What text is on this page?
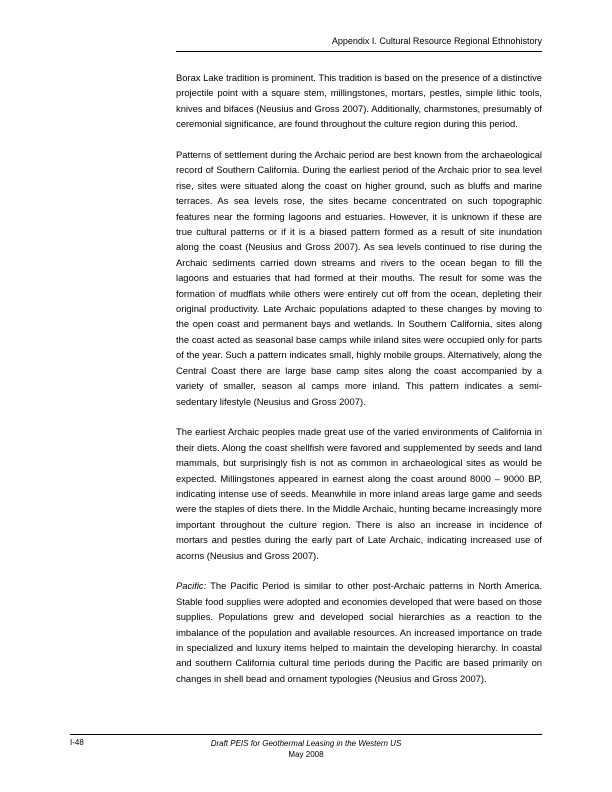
Appendix I. Cultural Resource Regional Ethnohistory

Borax Lake tradition is prominent. This tradition is based on the presence of a distinctive projectile point with a square stem, millingstones, mortars, pestles, simple lithic tools, knives and bifaces (Neusius and Gross 2007). Additionally, charmstones, presumably of ceremonial significance, are found throughout the culture region during this period.

Patterns of settlement during the Archaic period are best known from the archaeological record of Southern California. During the earliest period of the Archaic prior to sea level rise, sites were situated along the coast on higher ground, such as bluffs and marine terraces. As sea levels rose, the sites became concentrated on such topographic features near the forming lagoons and estuaries. However, it is unknown if these are true cultural patterns or if it is a biased pattern formed as a result of site inundation along the coast (Neusius and Gross 2007). As sea levels continued to rise during the Archaic sediments carried down streams and rivers to the ocean began to fill the lagoons and estuaries that had formed at their mouths. The result for some was the formation of mudflats while others were entirely cut off from the ocean, depleting their original productivity. Late Archaic populations adapted to these changes by moving to the open coast and permanent bays and wetlands. In Southern California, sites along the coast acted as seasonal base camps while inland sites were occupied only for parts of the year. Such a pattern indicates small, highly mobile groups. Alternatively, along the Central Coast there are large base camp sites along the coast accompanied by a variety of smaller, season al camps more inland. This pattern indicates a semi-sedentary lifestyle (Neusius and Gross 2007).

The earliest Archaic peoples made great use of the varied environments of California in their diets. Along the coast shellfish were favored and supplemented by seeds and land mammals, but surprisingly fish is not as common in archaeological sites as would be expected. Millingstones appeared in earnest along the coast around 8000 – 9000 BP, indicating intense use of seeds. Meanwhile in more inland areas large game and seeds were the staples of diets there. In the Middle Archaic, hunting became increasingly more important throughout the culture region. There is also an increase in incidence of mortars and pestles during the early part of Late Archaic, indicating increased use of acorns (Neusius and Gross 2007).

Pacific: The Pacific Period is similar to other post-Archaic patterns in North America. Stable food supplies were adopted and economies developed that were based on those supplies. Populations grew and developed social hierarchies as a reaction to the imbalance of the population and available resources. An increased importance on trade in specialized and luxury items helped to maintain the developing hierarchy. In coastal and southern California cultural time periods during the Pacific are based primarily on changes in shell bead and ornament typologies (Neusius and Gross 2007).

I-48	Draft PEIS for Geothermal Leasing in the Western US
May 2008
